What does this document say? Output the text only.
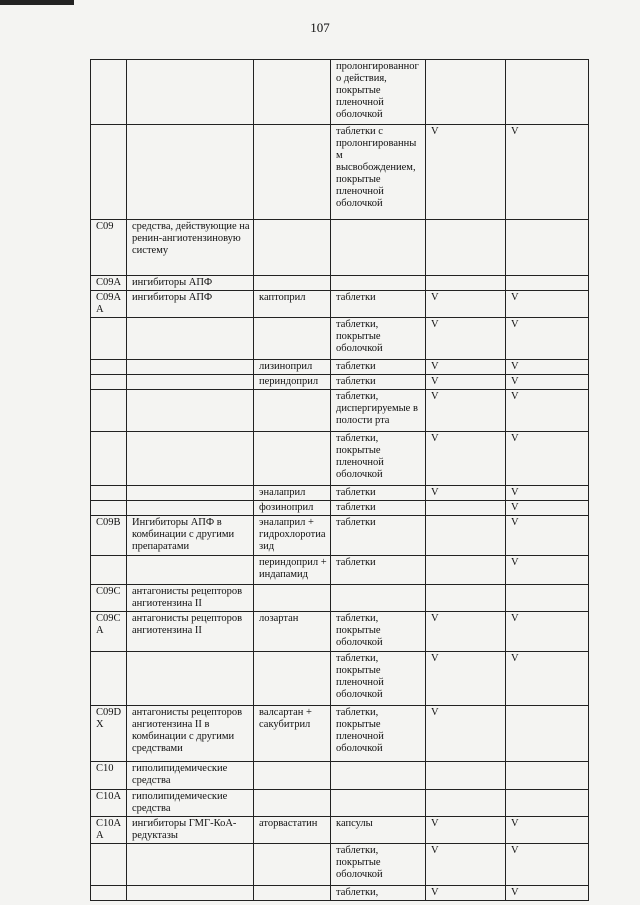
107
			пролонгированног о действия, покрытые пленочной оболочкой		
			таблетки с пролонгированны м высвобождением, покрытые пленочной оболочкой	V	V
C09	средства, действующие на ренин-ангиотензиновую систему				
C09A	ингибиторы АПФ				
C09A A	ингибиторы АПФ	каптоприл	таблетки	V	V
			таблетки, покрытые оболочкой	V	V
		лизиноприл	таблетки	V	V
		периндоприл	таблетки	V	V
			таблетки, диспергируемые в полости рта	V	V
			таблетки, покрытые пленочной оболочкой	V	V
		эналаприл	таблетки	V	V
		фозиноприл	таблетки		V
C09B	Ингибиторы АПФ в комбинации с другими препаратами	эналаприл + гидрохлоротиа зид	таблетки		V
		периндоприл + индапамид	таблетки		V
C09C	антагонисты рецепторов ангиотензина II				
C09C A	антагонисты рецепторов ангиотензина II	лозартан	таблетки, покрытые оболочкой	V	V
			таблетки, покрытые пленочной оболочкой	V	V
C09D X	антагонисты рецепторов ангиотензина II в комбинации с другими средствами	валсартан + сакубитрил	таблетки, покрытые пленочной оболочкой	V	
C10	гиполипидемические средства				
C10A	гиполипидемические средства				
C10A A	ингибиторы ГМГ-КоА-редуктазы	аторвастатин	капсулы	V	V
			таблетки, покрытые оболочкой	V	V
			таблетки,	V	V
